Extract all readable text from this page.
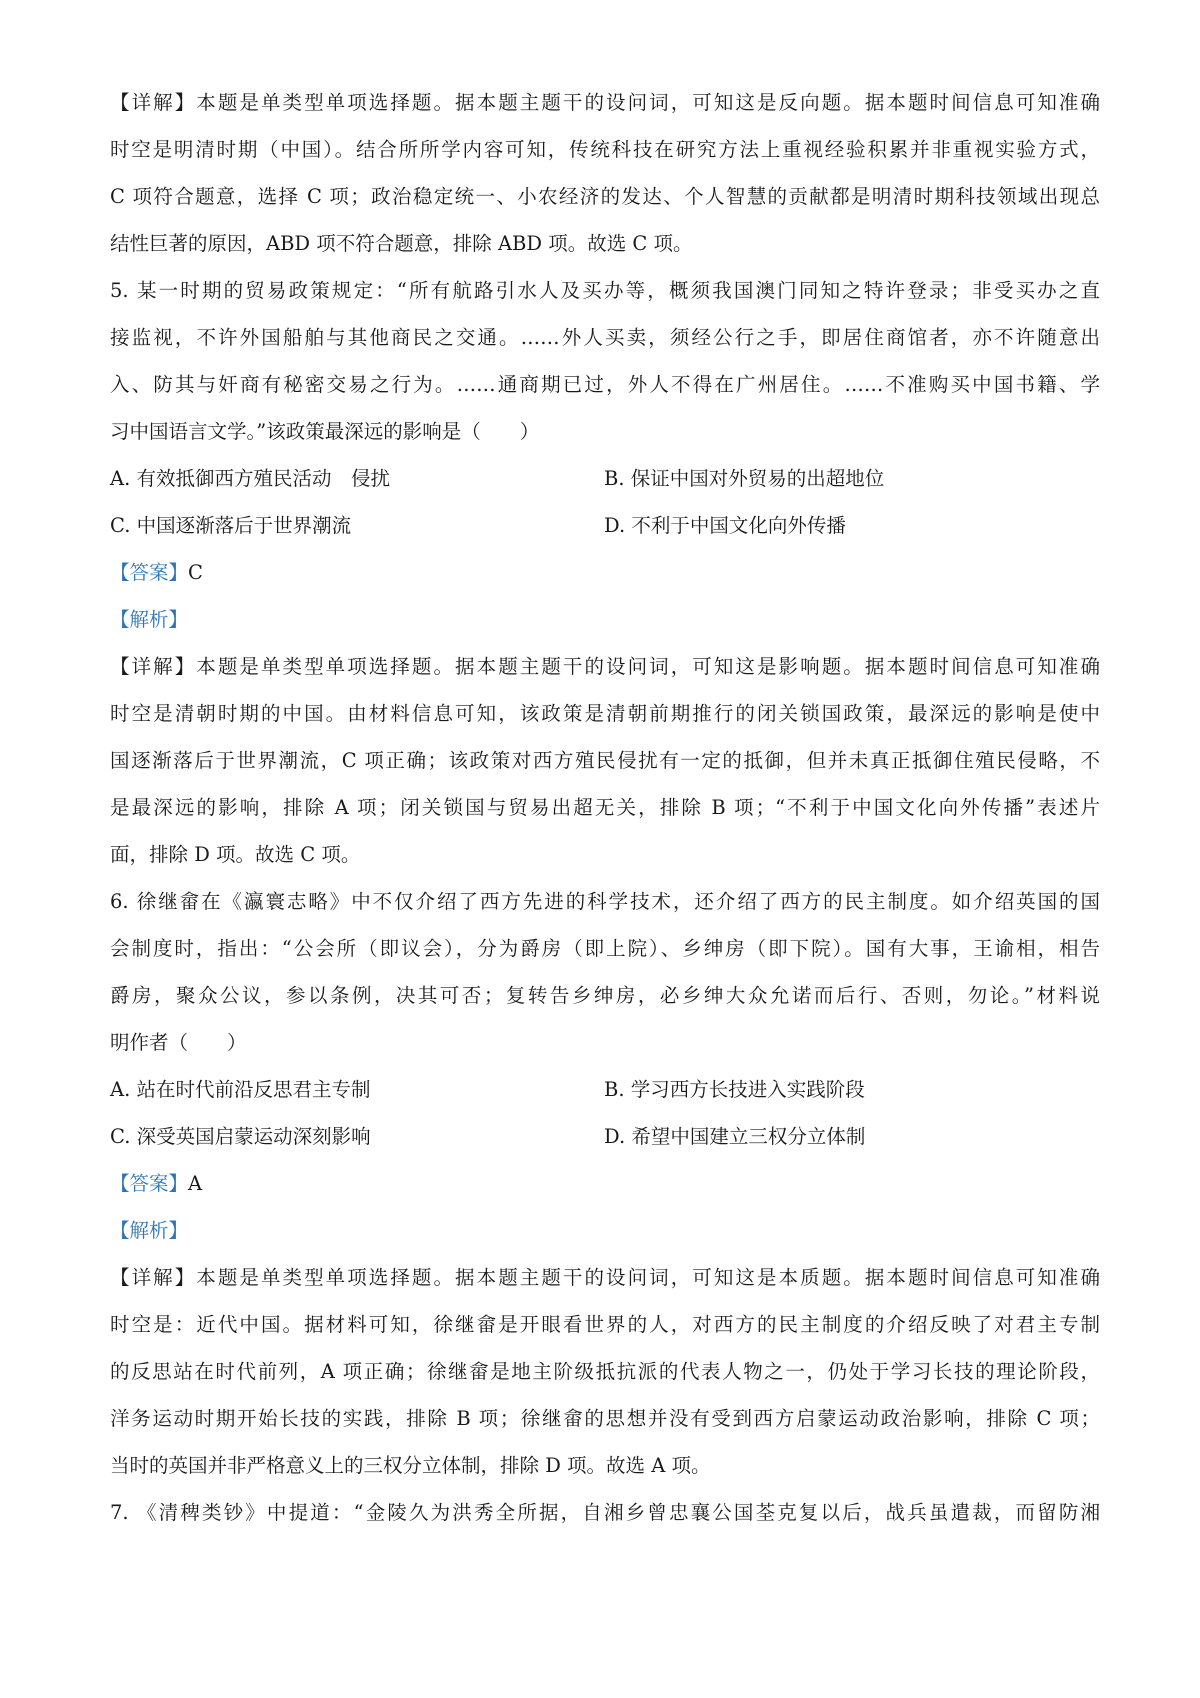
【详解】本题是单类型单项选择题。据本题主题干的设问词，可知这是反向题。据本题时间信息可知准确
时空是明清时期（中国）。结合所所学内容可知，传统科技在研究方法上重视经验积累并非重视实验方式，
C 项符合题意，选择 C 项；政治稳定统一、小农经济的发达、个人智慧的贡献都是明清时期科技领域出现总
结性巨著的原因，ABD 项不符合题意，排除 ABD 项。故选 C 项。
5. 某一时期的贸易政策规定：“所有航路引水人及买办等，概须我国澳门同知之特许登录；非受买办之直
接监视，不许外国船舶与其他商民之交通。……外人买卖，须经公行之手，即居住商馆者，亦不许随意出
入、防其与奸商有秘密交易之行为。……通商期已过，外人不得在广州居住。……不准购买中国书籍、学
习中国语言文学。”该政策最深远的影响是（　　）
A. 有效抵御西方殖民活动　侵扰	B. 保证中国对外贸易的出超地位
C. 中国逐渐落后于世界潮流	D. 不利于中国文化向外传播
【答案】C
【解析】
【详解】本题是单类型单项选择题。据本题主题干的设问词，可知这是影响题。据本题时间信息可知准确
时空是清朝时期的中国。由材料信息可知，该政策是清朝前期推行的闭关锁国政策，最深远的影响是使中
国逐渐落后于世界潮流，C 项正确；该政策对西方殖民侵扰有一定的抵御，但并未真正抵御住殖民侵略，不
是最深远的影响，排除 A 项；闭关锁国与贸易出超无关，排除 B 项；“不利于中国文化向外传播”表述片
面，排除 D 项。故选 C 项。
6. 徐继畲在《瀛寰志略》中不仅介绍了西方先进的科学技术，还介绍了西方的民主制度。如介绍英国的国
会制度时，指出：“公会所（即议会），分为爵房（即上院）、乡绅房（即下院）。国有大事，王谕相，相告
爵房，聚众公议，参以条例，决其可否；复转告乡绅房，必乡绅大众允诺而后行、否则，勿论。”材料说
明作者（　　）
A. 站在时代前沿反思君主专制	B. 学习西方长技进入实践阶段
C. 深受英国启蒙运动深刻影响	D. 希望中国建立三权分立体制
【答案】A
【解析】
【详解】本题是单类型单项选择题。据本题主题干的设问词，可知这是本质题。据本题时间信息可知准确
时空是：近代中国。据材料可知，徐继畲是开眼看世界的人，对西方的民主制度的介绍反映了对君主专制
的反思站在时代前列，A 项正确；徐继畲是地主阶级抵抗派的代表人物之一，仍处于学习长技的理论阶段，
洋务运动时期开始长技的实践，排除 B 项；徐继畲的思想并没有受到西方启蒙运动政治影响，排除 C 项；
当时的英国并非严格意义上的三权分立体制，排除 D 项。故选 A 项。
7. 《清稗类钞》中提道：“金陵久为洪秀全所据，自湘乡曾忠襄公国荃克复以后，战兵虽遣裁，而留防湘
